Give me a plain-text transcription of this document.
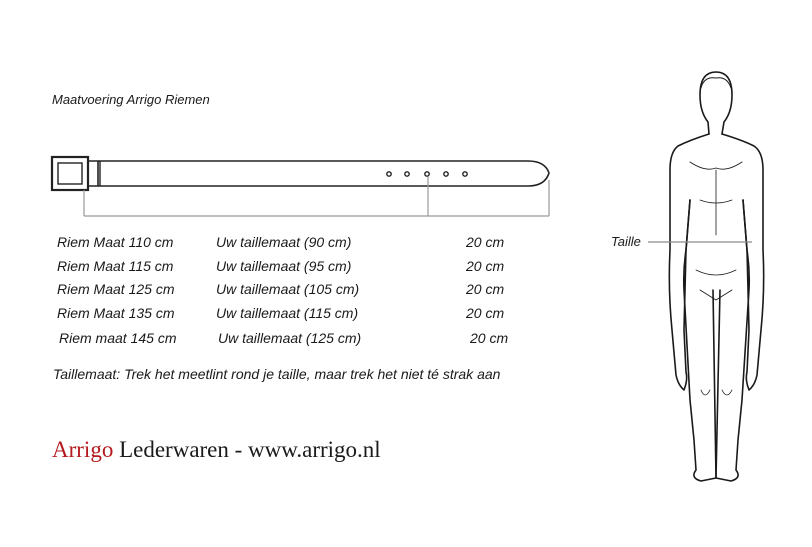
Maatvoering Arrigo Riemen
Riem Maat 110 cm	Uw taillemaat (90 cm)	20 cm
Riem Maat 115 cm	Uw taillemaat (95 cm)	20 cm
Riem Maat 125 cm	Uw taillemaat (105 cm)	20 cm
Riem Maat 135 cm	Uw taillemaat (115 cm)	20 cm
Riem maat 145 cm	Uw taillemaat (125 cm)	20 cm
Taillemaat: Trek het meetlint rond je taille, maar trek het niet té strak aan
Arrigo Lederwaren - www.arrigo.nl
Taille
